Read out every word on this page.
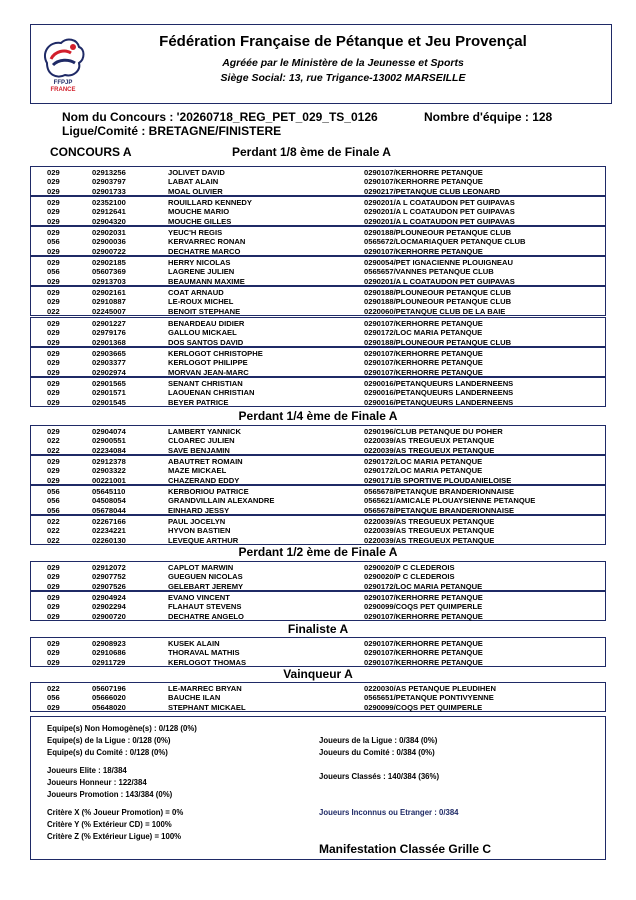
FFPJP
FRANCE
Fédération Française de Pétanque et Jeu Provençal
Agréée par le Ministère de la Jeunesse et Sports
Siège Social: 13, rue Trigance-13002 MARSEILLE
Nom du Concours : '20260718_REG_PET_029_TS_0126	Nombre d'équipe : 128
Ligue/Comité : BRETAGNE/FINISTERE
CONCOURS A	Perdant 1/8 ème de Finale A
029	02913256	JOLIVET DAVID	0290107/KERHORRE PETANQUE
029	02903797	LABAT ALAIN	0290107/KERHORRE PETANQUE
029	02901733	MOAL OLIVIER	0290217/PETANQUE CLUB LEONARD
029	02352100	ROUILLARD KENNEDY	0290201/A L COATAUDON PET GUIPAVAS
029	02912641	MOUCHE MARIO	0290201/A L COATAUDON PET GUIPAVAS
029	02904320	MOUCHE GILLES	0290201/A L COATAUDON PET GUIPAVAS
029	02902031	YEUC'H REGIS	0290188/PLOUNEOUR PETANQUE CLUB
056	02900036	KERVARREC RONAN	0565672/LOCMARIAQUER PETANQUE CLUB
029	02900722	DECHATRE MARCO	0290107/KERHORRE PETANQUE
029	02902185	HERRY NICOLAS	0290054/PET IGNACIENNE PLOUIGNEAU
056	05607369	LAGRENE JULIEN	0565657/VANNES PETANQUE CLUB
029	02913703	BEAUMANN MAXIME	0290201/A L COATAUDON PET GUIPAVAS
029	02902161	COAT ARNAUD	0290188/PLOUNEOUR PETANQUE CLUB
029	02910887	LE-ROUX MICHEL	0290188/PLOUNEOUR PETANQUE CLUB
022	02245007	BENOIT STEPHANE	0220060/PETANQUE CLUB DE LA BAIE
029	02901227	BENARDEAU DIDIER	0290107/KERHORRE PETANQUE
029	02979176	GALLOU MICKAEL	0290172/LOC MARIA PETANQUE
029	02901368	DOS SANTOS DAVID	0290188/PLOUNEOUR PETANQUE CLUB
029	02903665	KERLOGOT CHRISTOPHE	0290107/KERHORRE PETANQUE
029	02903377	KERLOGOT PHILIPPE	0290107/KERHORRE PETANQUE
029	02902974	MORVAN JEAN-MARC	0290107/KERHORRE PETANQUE
029	02901565	SENANT CHRISTIAN	0290016/PETANQUEURS LANDERNEENS
029	02901571	LAOUENAN CHRISTIAN	0290016/PETANQUEURS LANDERNEENS
029	02901545	BEYER PATRICE	0290016/PETANQUEURS LANDERNEENS
Perdant 1/4 ème de Finale A
029	02904074	LAMBERT YANNICK	0290196/CLUB PETANQUE DU POHER
022	02900551	CLOAREC JULIEN	0220039/AS TREGUEUX PETANQUE
022	02234084	SAVE BENJAMIN	0220039/AS TREGUEUX PETANQUE
029	02912378	ABAUTRET ROMAIN	0290172/LOC MARIA PETANQUE
029	02903322	MAZE MICKAEL	0290172/LOC MARIA PETANQUE
029	00221001	CHAZERAND EDDY	0290171/B SPORTIVE PLOUDANIELOISE
056	05645110	KERBORIOU PATRICE	0565678/PETANQUE BRANDERIONNAISE
056	04508054	GRANDVILLAIN ALEXANDRE	0565621/AMICALE PLOUAYSIENNE PETANQUE
056	05678044	EINHARD JESSY	0565678/PETANQUE BRANDERIONNAISE
022	02267166	PAUL JOCELYN	0220039/AS TREGUEUX PETANQUE
022	02234221	HYVON BASTIEN	0220039/AS TREGUEUX PETANQUE
022	02260130	LEVEQUE ARTHUR	0220039/AS TREGUEUX PETANQUE
Perdant 1/2 ème de Finale A
029	02912072	CAPLOT MARWIN	0290020/P C CLEDEROIS
029	02907752	GUEGUEN NICOLAS	0290020/P C CLEDEROIS
029	02907526	GELEBART JEREMY	0290172/LOC MARIA PETANQUE
029	02904924	EVANO VINCENT	0290107/KERHORRE PETANQUE
029	02902294	FLAHAUT STEVENS	0290099/COQS PET QUIMPERLE
029	02900720	DECHATRE ANGELO	0290107/KERHORRE PETANQUE
Finaliste A
029	02908923	KUSEK ALAIN	0290107/KERHORRE PETANQUE
029	02910686	THORAVAL MATHIS	0290107/KERHORRE PETANQUE
029	02911729	KERLOGOT THOMAS	0290107/KERHORRE PETANQUE
Vainqueur A
022	05607196	LE-MARREC BRYAN	0220030/AS PETANQUE PLEUDIHEN
056	05666020	BAUCHE ILAN	0565651/PETANQUE PONTIVYENNE
029	05648020	STEPHANT MICKAEL	0290099/COQS PET QUIMPERLE
Equipe(s) Non Homogène(s) : 0/128 (0%)
Equipe(s) de la Ligue : 0/128 (0%)	Joueurs de la Ligue : 0/384 (0%)
Equipe(s) du Comité : 0/128 (0%)	Joueurs du Comité : 0/384 (0%)
Joueurs Elite : 18/384
Joueurs Honneur : 122/384
Joueurs Classés : 140/384 (36%)
Joueurs Promotion : 143/384 (0%)
Critère X (% Joueur Promotion) = 0%	Joueurs Inconnus ou Etranger : 0/384
Critère Y (% Extérieur CD) = 100%
Critère Z (% Extérieur Ligue) = 100%
Manifestation Classée Grille C
